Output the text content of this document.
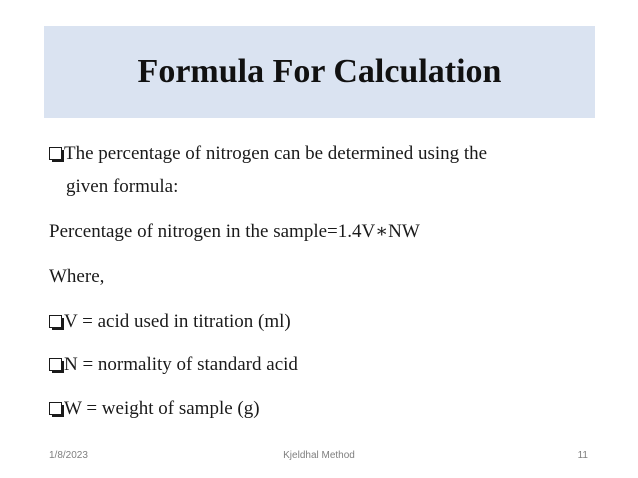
Formula For Calculation
The percentage of nitrogen can be determined using the
given formula:
Percentage of nitrogen in the sample=1.4V∗NW
Where,
V = acid used in titration (ml)
N = normality of standard acid
W = weight of sample (g)
1/8/2023	Kjeldhal Method	11
